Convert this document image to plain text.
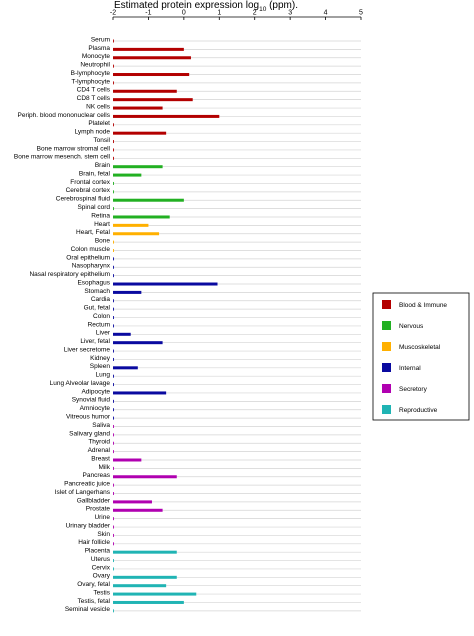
Estimated protein expression $\log_{10} (ppm)$.
-2	-1	0	1	2	3	4	5
Serum
Plasma
Monocyte
Neutrophil
B-lymphocyte
T-lymphocyte
CD4 T cells
CD8 T cells
NK cells
Periph. blood mononuclear cells
Platelet
Lymph node
Tonsil
Bone marrow stromal cell
Bone marrow mesench. stem cell
Brain
Brain, fetal
Frontal cortex
Cerebral cortex
Cerebrospinal fluid
Spinal cord
Retina
Heart
Heart, Fetal
Bone
Colon muscle
Oral epithelium
Nasopharynx
Nasal respiratory epithelium
Esophagus
Stomach
Cardia
Gut, fetal
Colon
Rectum
Liver
Liver, fetal
Liver secretome
Kidney
Spleen
Lung
Lung Alveolar lavage
Adipocyte
Synovial fluid
Amniocyte
Vitreous humor
Saliva
Salivary gland
Thyroid
Adrenal
Breast
Milk
Pancreas
Pancreatic juice
Islet of Langerhans
Gallbladder
Prostate
Urine
Urinary bladder
Skin
Hair follicle
Placenta
Uterus
Cervix
Ovary
Ovary, fetal
Testis
Testis, fetal
Seminal vesicle
Blood & Immune
Nervous
Muscoskeletal
Internal
Secretory
Reproductive
